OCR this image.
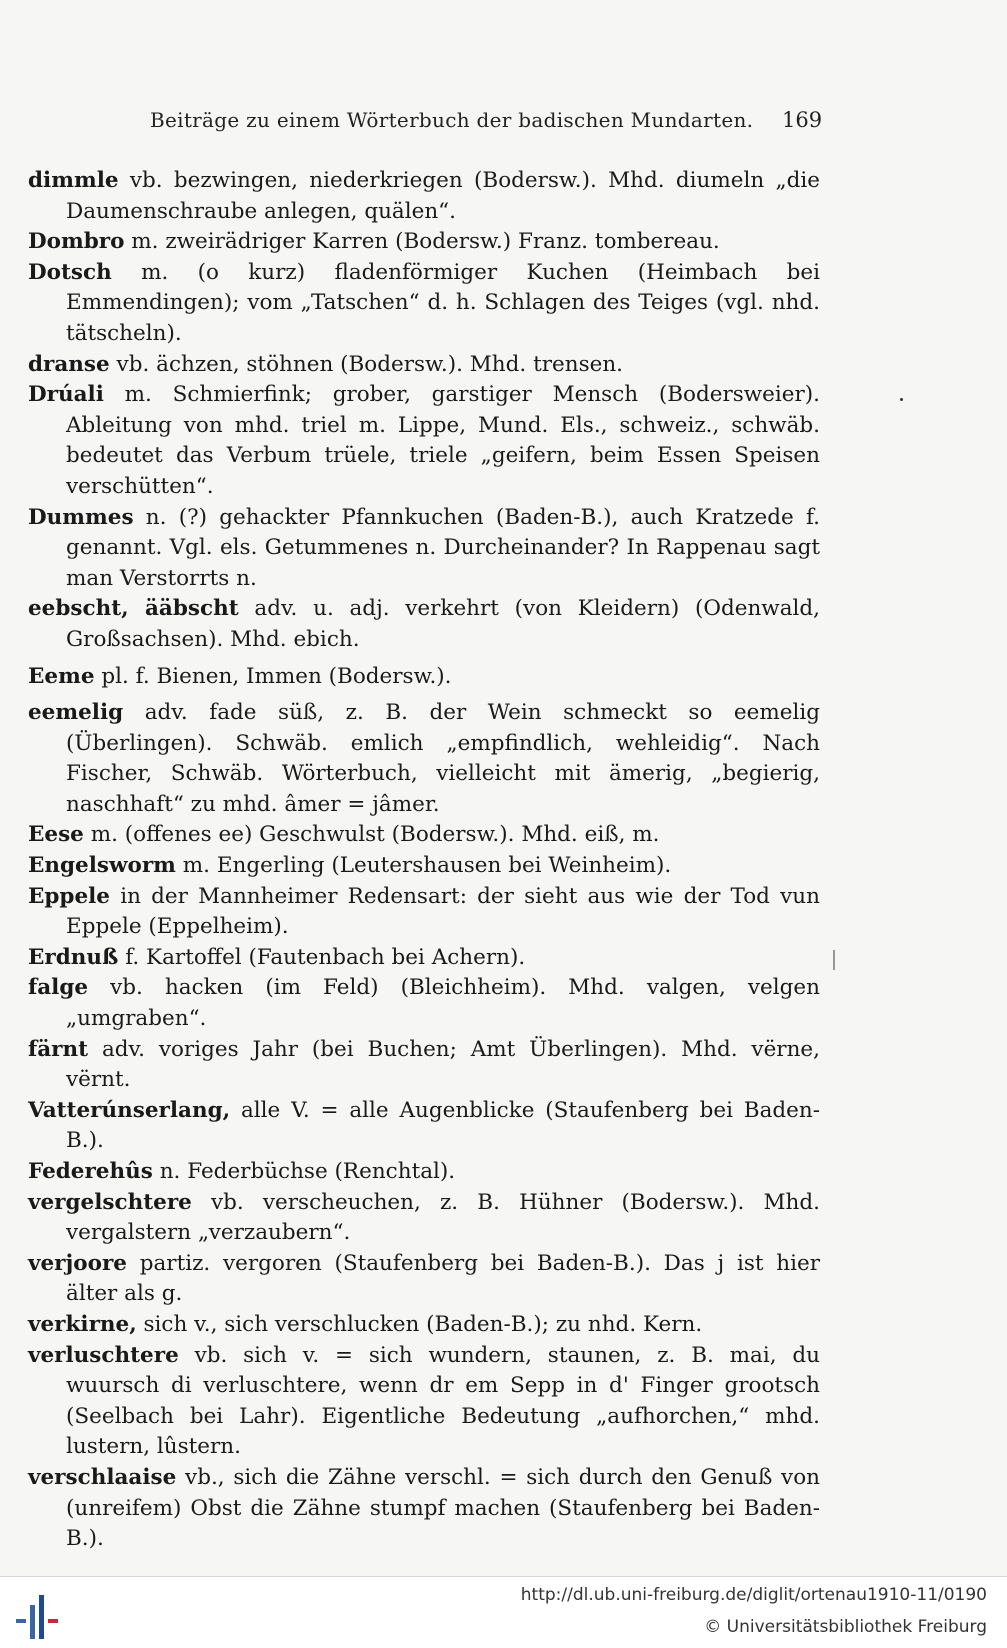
Beiträge zu einem Wörterbuch der badischen Mundarten. 169

dimmle vb. bezwingen, niederkriegen (Bodersw.). Mhd. diumeln „die Daumenschraube anlegen, quälen“.

Dombro m. zweirädriger Karren (Bodersw.) Franz. tombereau.

Dotsch m. (o kurz) fladenförmiger Kuchen (Heimbach bei Emmendingen); vom „Tatschen“ d. h. Schlagen des Teiges (vgl. nhd. tätscheln).

dranse vb. ächzen, stöhnen (Bodersw.). Mhd. trensen.

Drúali m. Schmierfink; grober, garstiger Mensch (Bodersweier). Ableitung von mhd. triel m. Lippe, Mund. Els., schweiz., schwäb. bedeutet das Verbum trüele, triele „geifern, beim Essen Speisen verschütten“.

Dummes n. (?) gehackter Pfannkuchen (Baden-B.), auch Kratzede f. genannt. Vgl. els. Getummenes n. Durcheinander? In Rappenau sagt man Verstorrts n.

eebscht, ääbscht adv. u. adj. verkehrt (von Kleidern) (Odenwald, Großsachsen). Mhd. ebich.

Eeme pl. f. Bienen, Immen (Bodersw.).

eemelig adv. fade süß, z. B. der Wein schmeckt so eemelig (Überlingen). Schwäb. emlich „empfindlich, wehleidig“. Nach Fischer, Schwäb. Wörterbuch, vielleicht mit ämerig, „begierig, naschhaft“ zu mhd. âmer = jâmer.

Eese m. (offenes ee) Geschwulst (Bodersw.). Mhd. eiß, m.

Engelsworm m. Engerling (Leutershausen bei Weinheim).

Eppele in der Mannheimer Redensart: der sieht aus wie der Tod vun Eppele (Eppelheim).

Erdnuß f. Kartoffel (Fautenbach bei Achern).

falge vb. hacken (im Feld) (Bleichheim). Mhd. valgen, velgen „umgraben“.

färnt adv. voriges Jahr (bei Buchen; Amt Überlingen). Mhd. vërne, vërnt.

Vatterúnserlang, alle V. = alle Augenblicke (Staufenberg bei Baden-B.).

Federehûs n. Federbüchse (Renchtal).

vergelschtere vb. verscheuchen, z. B. Hühner (Bodersw.). Mhd. vergalstern „verzaubern“.

verjoore partiz. vergoren (Staufenberg bei Baden-B.). Das j ist hier älter als g.

verkirne, sich v., sich verschlucken (Baden-B.); zu nhd. Kern.

verluschtere vb. sich v. = sich wundern, staunen, z. B. mai, du wuursch di verluschtere, wenn dr em Sepp in d' Finger grootsch (Seelbach bei Lahr). Eigentliche Bedeutung „aufhorchen,“ mhd. lustern, lûstern.

verschlaaise vb., sich die Zähne verschl. = sich durch den Genuß von (unreifem) Obst die Zähne stumpf machen (Staufenberg bei Baden-B.).

http://dl.ub.uni-freiburg.de/diglit/ortenau1910-11/0190
© Universitätsbibliothek Freiburg
